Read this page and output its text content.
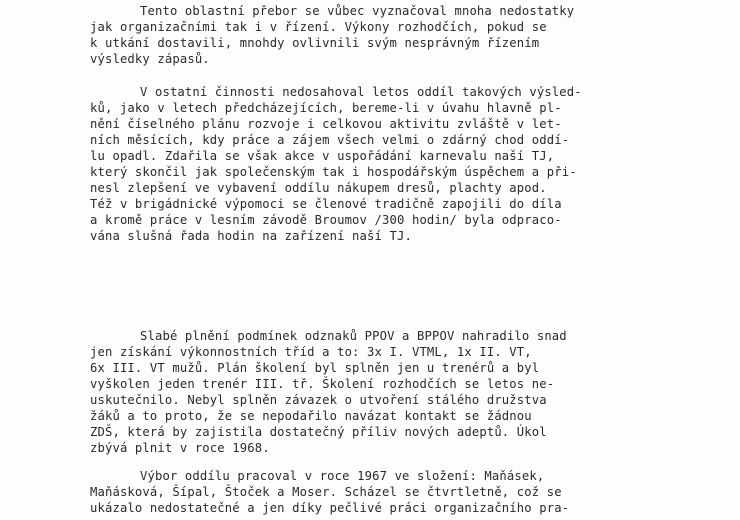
Tento oblastní přebor se vůbec vyznačoval mnoha nedostatky
jak organizačními tak i v řízení. Výkony rozhodčích, pokud se
k utkání dostavili, mnohdy ovlivnili svým nesprávným řízením
výsledky zápasů.
V ostatní činnosti nedosahoval letos oddíl takových výsled-
ků, jako v letech předcházejících, bereme-li v úvahu hlavně pl-
nění číselného plánu rozvoje i celkovou aktivitu zvláště v let-
ních měsících, kdy práce a zájem všech velmi o zdárný chod oddí-
lu opadl. Zdařila se však akce v uspořádání karnevalu naší TJ,
který skončil jak společenským tak i hospodářským úspěchem a při-
nesl zlepšení ve vybavení oddílu nákupem dresů, plachty apod.
Též v brigádnické výpomoci se členové tradičně zapojili do díla
a kromě práce v lesním závodě Broumov /300 hodin/ byla odpraco-
vána slušná řada hodin na zařízení naší TJ.
Slabé plnění podmínek odznaků PPOV a BPPOV nahradilo snad
jen získání výkonnostních tříd a to: 3x I. VTML, 1x II. VT,
6x III. VT mužů. Plán školení byl splněn jen u trenérů a byl
vyškolen jeden trenér III. tř. Školení rozhodčích se letos ne-
uskutečnilo. Nebyl splněn závazek o utvoření stálého družstva
žáků a to proto, že se nepodařilo navázat kontakt se žádnou
ZDŠ, která by zajistila dostatečný příliv nových adeptů. Úkol
zbývá plnit v roce 1968.
Výbor oddílu pracoval v roce 1967 ve složení: Maňásek,
Maňásková, Šípal, Štoček a Moser. Scházel se čtvrtletně, což se
ukázalo nedostatečné a jen díky pečlivé práci organizačního pra-
